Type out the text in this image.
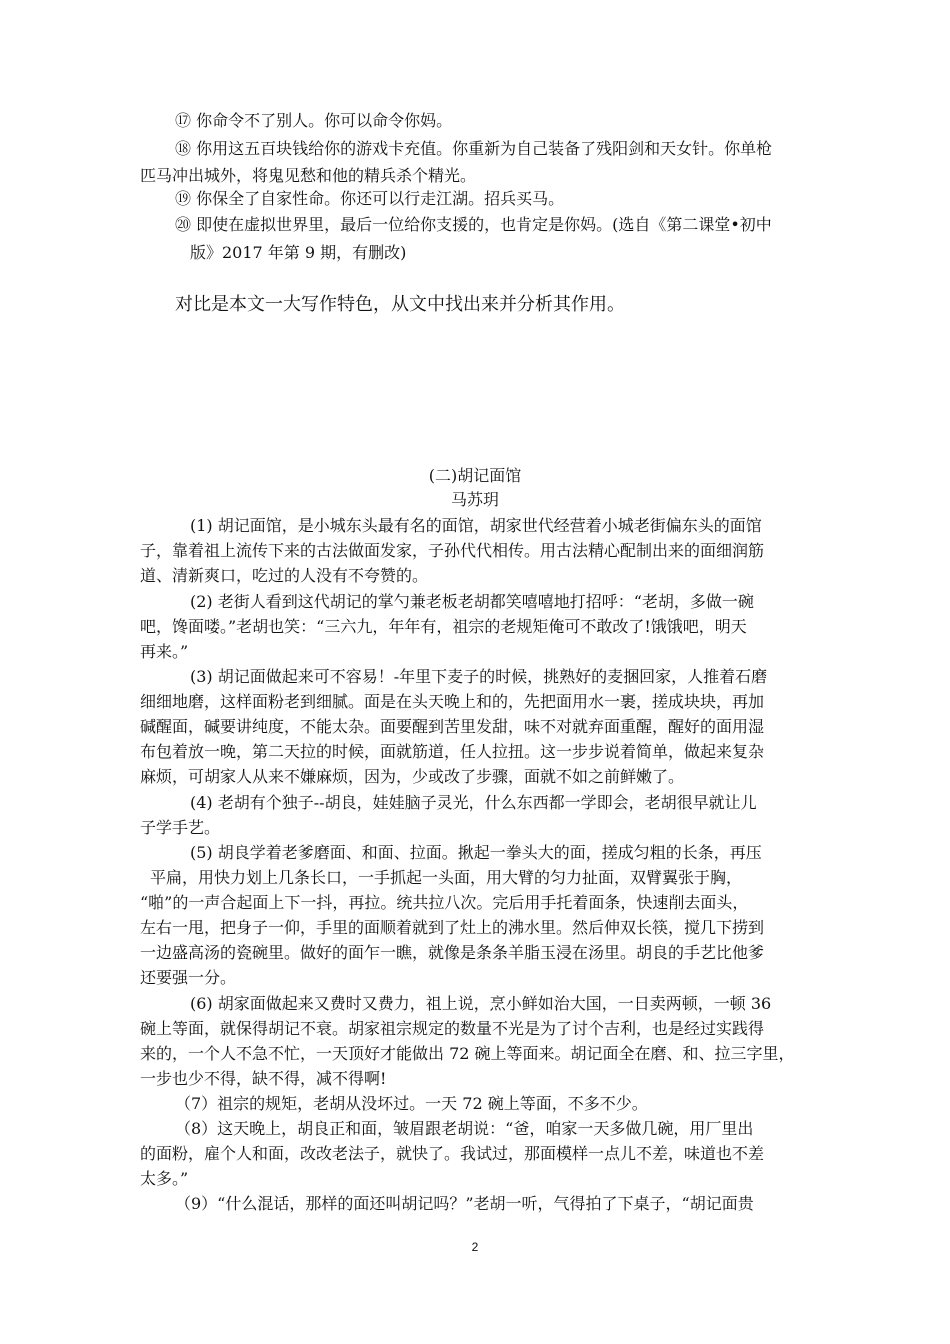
⑰ 你命令不了别人。你可以命令你妈。
⑱ 你用这五百块钱给你的游戏卡充值。你重新为自己装备了残阳剑和天女针。你单枪
匹马冲出城外，将鬼见愁和他的精兵杀个精光。
⑲ 你保全了自家性命。你还可以行走江湖。招兵买马。
⑳ 即使在虚拟世界里，最后一位给你支援的，也肯定是你妈。(选自《第二课堂•初中
版》2017 年第 9 期，有删改)
对比是本文一大写作特色，从文中找出来并分析其作用。
(二)胡记面馆
马苏玥
(1) 胡记面馆，是小城东头最有名的面馆，胡家世代经营着小城老街偏东头的面馆
子，靠着祖上流传下来的古法做面发家，子孙代代相传。用古法精心配制出来的面细润筋
道、清新爽口，吃过的人没有不夸赞的。
(2) 老街人看到这代胡记的掌勺兼老板老胡都笑嘻嘻地打招呼：“老胡，多做一碗
吧，馋面喽。”老胡也笑：“三六九，年年有，祖宗的老规矩俺可不敢改了!饿饿吧，明天
再来。”
(3) 胡记面做起来可不容易！-年里下麦子的时候，挑熟好的麦捆回家，人推着石磨
细细地磨，这样面粉老到细腻。面是在头天晚上和的，先把面用水一裹，搓成块块，再加
碱醒面，碱要讲纯度，不能太杂。面要醒到苦里发甜，味不对就弃面重醒，醒好的面用湿
布包着放一晚，第二天拉的时候，面就筋道，任人拉扭。这一步步说着简单，做起来复杂
麻烦，可胡家人从来不嫌麻烦，因为，少或改了步骤，面就不如之前鲜嫩了。
(4) 老胡有个独子--胡良，娃娃脑子灵光，什么东西都一学即会，老胡很早就让儿
子学手艺。
(5) 胡良学着老爹磨面、和面、拉面。揪起一拳头大的面，搓成匀粗的长条，再压
平扁，用快力划上几条长口，一手抓起一头面，用大臂的匀力扯面，双臂翼张于胸，
“啪”的一声合起面上下一抖，再拉。统共拉八次。完后用手托着面条，快速削去面头，
左右一甩，把身子一仰，手里的面顺着就到了灶上的沸水里。然后伸双长筷，搅几下捞到
一边盛高汤的瓷碗里。做好的面乍一瞧，就像是条条羊脂玉浸在汤里。胡良的手艺比他爹
还要强一分。
(6) 胡家面做起来又费时又费力，祖上说，烹小鲜如治大国，一日卖两顿，一顿 36
碗上等面，就保得胡记不衰。胡家祖宗规定的数量不光是为了讨个吉利，也是经过实践得
来的，一个人不急不忙，一天顶好才能做出 72 碗上等面来。胡记面全在磨、和、拉三字里，
一步也少不得，缺不得，减不得啊!
（7）祖宗的规矩，老胡从没坏过。一天 72 碗上等面，不多不少。
（8）这天晚上，胡良正和面，皱眉跟老胡说：“爸，咱家一天多做几碗，用厂里出
的面粉，雇个人和面，改改老法子，就快了。我试过，那面模样一点儿不差，味道也不差
太多。”
（9）“什么混话，那样的面还叫胡记吗？”老胡一听，气得拍了下桌子，“胡记面贵
2
